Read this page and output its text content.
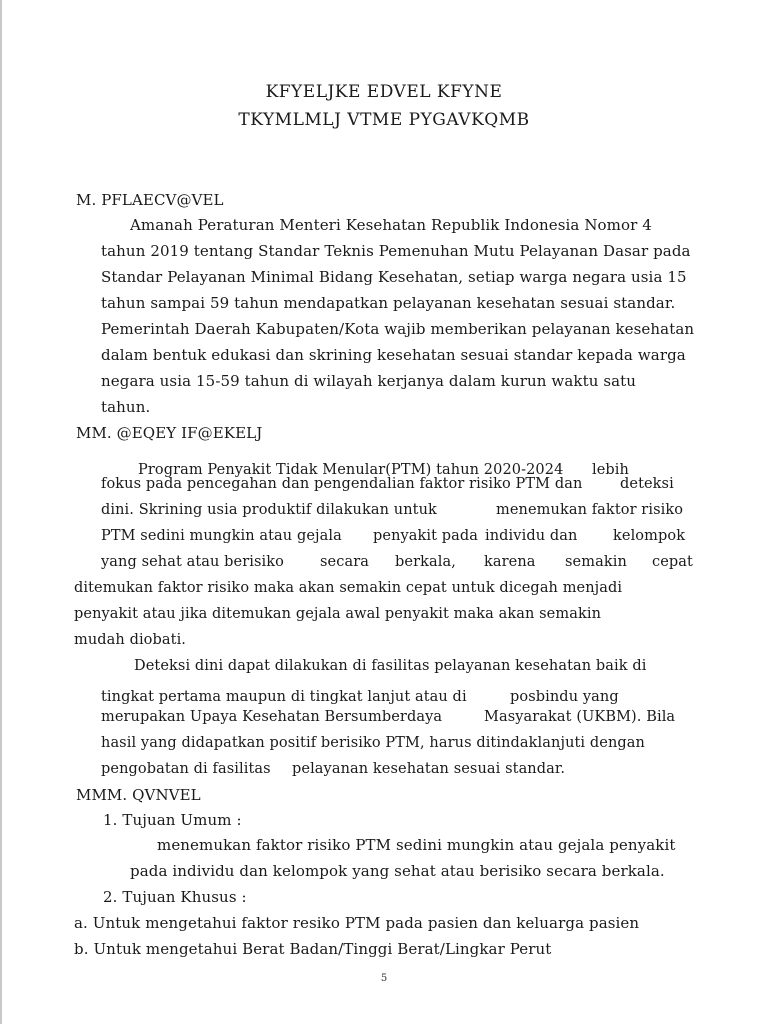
KFYELJKE EDVEL KFYNE
TKYMLMLJ VTME PYGAVKQMB
M. PFLAECV@VEL
Amanah Peraturan Menteri Kesehatan Republik Indonesia Nomor 4
tahun 2019 tentang Standar Teknis Pemenuhan Mutu Pelayanan Dasar pada
Standar Pelayanan Minimal Bidang Kesehatan, setiap warga negara usia 15
tahun sampai 59 tahun mendapatkan pelayanan kesehatan sesuai standar.
Pemerintah Daerah Kabupaten/Kota wajib memberikan pelayanan kesehatan
dalam bentuk edukasi dan skrining kesehatan sesuai standar kepada warga
negara usia 15-59 tahun di wilayah kerjanya dalam kurun waktu satu
tahun.
MM. @EQEY IF@EKELJ
Program Penyakit Tidak Menular(PTM) tahun 2020-2024 lebih
fokus pada pencegahan dan pengendalian faktor risiko PTM dan	deteksi
dini. Skrining usia produktif dilakukan untuk	menemukan faktor risiko
PTM sedini mungkin atau gejala penyakit pada individu dan kelompok
yang sehat atau berisiko secara berkala, karena semakin cepat
ditemukan faktor risiko maka akan semakin cepat untuk dicegah menjadi
penyakit atau jika ditemukan gejala awal penyakit maka akan semakin
mudah diobati.
Deteksi dini dapat dilakukan di fasilitas pelayanan kesehatan baik di
tingkat pertama maupun di tingkat lanjut atau di	posbindu yang
merupakan Upaya Kesehatan Bersumberdaya	Masyarakat (UKBM). Bila
hasil yang didapatkan positif berisiko PTM, harus ditindaklanjuti dengan
pengobatan di fasilitas pelayanan kesehatan sesuai standar.
MMM. QVNVEL
1. Tujuan Umum :
menemukan faktor risiko PTM sedini mungkin atau gejala penyakit
pada individu dan kelompok yang sehat atau berisiko secara berkala.
2. Tujuan Khusus :
a. Untuk mengetahui faktor resiko PTM pada pasien dan keluarga pasien
b. Untuk mengetahui Berat Badan/Tinggi Berat/Lingkar Perut
5
